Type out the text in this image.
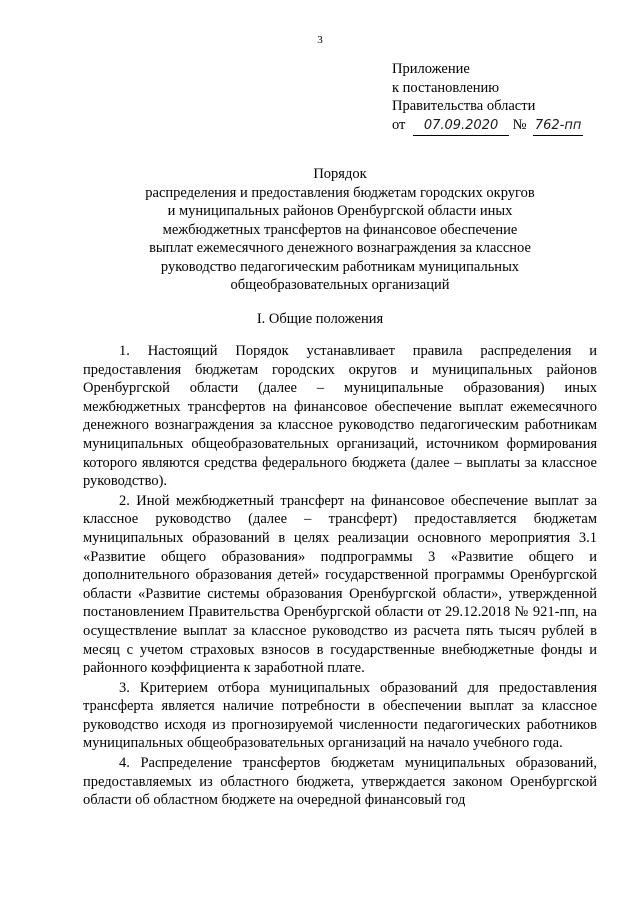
3

Приложение

к постановлению

Правительства области

от 07.09.2020 № 762-пп

Порядок

распределения и предоставления бюджетам городских округов

и муниципальных районов Оренбургской области иных

межбюджетных трансфертов на финансовое обеспечение

выплат ежемесячного денежного вознаграждения за классное

руководство педагогическим работникам муниципальных

общеобразовательных организаций

I. Общие положения

1. Настоящий Порядок устанавливает правила распределения и предоставления бюджетам городских округов и муниципальных районов Оренбургской области (далее – муниципальные образования) иных межбюджетных трансфертов на финансовое обеспечение выплат ежемесячного денежного вознаграждения за классное руководство педагогическим работникам муниципальных общеобразовательных организаций, источником формирования которого являются средства федерального бюджета (далее – выплаты за классное руководство).

2. Иной межбюджетный трансферт на финансовое обеспечение выплат за классное руководство (далее – трансферт) предоставляется бюджетам муниципальных образований в целях реализации основного мероприятия 3.1 «Развитие общего образования» подпрограммы 3 «Развитие общего и дополнительного образования детей» государственной программы Оренбургской области «Развитие системы образования Оренбургской области», утвержденной постановлением Правительства Оренбургской области от 29.12.2018 № 921-пп, на осуществление выплат за классное руководство из расчета пять тысяч рублей в месяц с учетом страховых взносов в государственные внебюджетные фонды и районного коэффициента к заработной плате.

3. Критерием отбора муниципальных образований для предоставления трансферта является наличие потребности в обеспечении выплат за классное руководство исходя из прогнозируемой численности педагогических работников муниципальных общеобразовательных организаций на начало учебного года.

4. Распределение трансфертов бюджетам муниципальных образований, предоставляемых из областного бюджета, утверждается законом Оренбургской области об областном бюджете на очередной финансовый год
